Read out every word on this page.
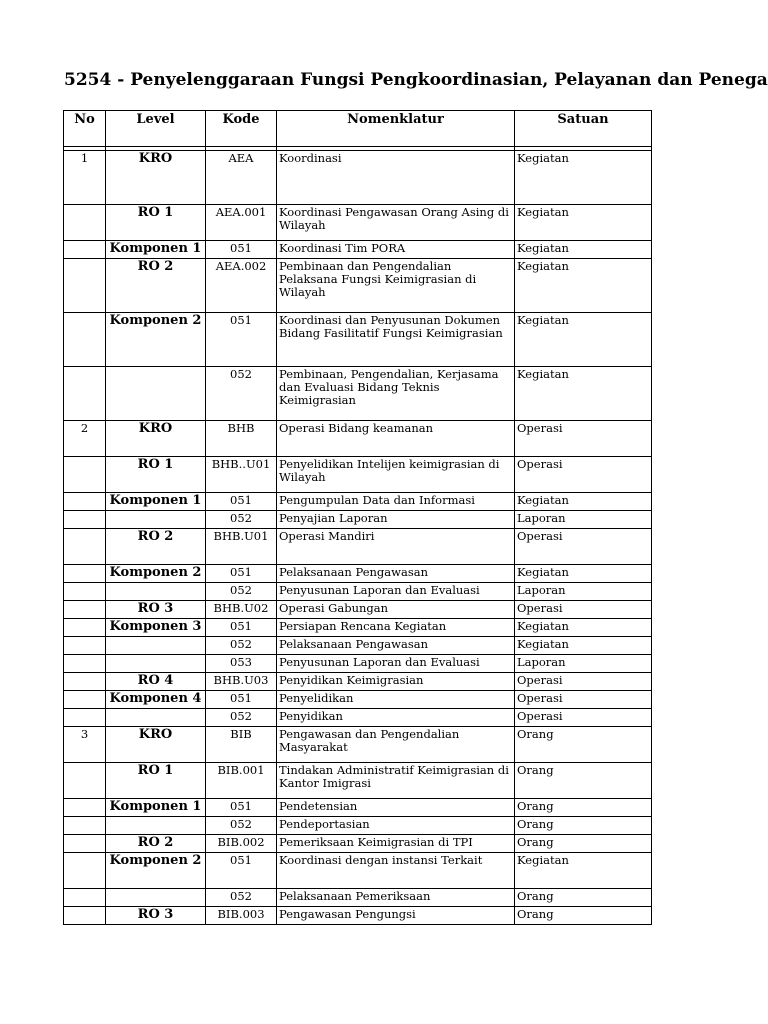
5254 - Penyelenggaraan Fungsi Pengkoordinasian, Pelayanan dan Penega
No	Level	Kode	Nomenklatur	Satuan

1	KRO	AEA	Koordinasi	Kegiatan
	RO 1	AEA.001	Koordinasi Pengawasan Orang Asing di Wilayah	Kegiatan
	Komponen 1	051	Koordinasi Tim PORA	Kegiatan
	RO 2	AEA.002	Pembinaan dan Pengendalian Pelaksana Fungsi Keimigrasian di Wilayah	Kegiatan
	Komponen 2	051	Koordinasi dan Penyusunan Dokumen Bidang Fasilitatif Fungsi Keimigrasian	Kegiatan
		052	Pembinaan, Pengendalian, Kerjasama dan Evaluasi Bidang Teknis Keimigrasian	Kegiatan
2	KRO	BHB	Operasi Bidang keamanan	Operasi
	RO 1	BHB..U01	Penyelidikan Intelijen keimigrasian di Wilayah	Operasi
	Komponen 1	051	Pengumpulan Data dan Informasi	Kegiatan
		052	Penyajian Laporan	Laporan
	RO 2	BHB.U01	Operasi Mandiri	Operasi
	Komponen 2	051	Pelaksanaan Pengawasan	Kegiatan
		052	Penyusunan Laporan dan Evaluasi	Laporan
	RO 3	BHB.U02	Operasi Gabungan	Operasi
	Komponen 3	051	Persiapan Rencana Kegiatan	Kegiatan
		052	Pelaksanaan Pengawasan	Kegiatan
		053	Penyusunan Laporan dan Evaluasi	Laporan
	RO 4	BHB.U03	Penyidikan Keimigrasian	Operasi
	Komponen 4	051	Penyelidikan	Operasi
		052	Penyidikan	Operasi
3	KRO	BIB	Pengawasan dan Pengendalian Masyarakat	Orang
	RO 1	BIB.001	Tindakan Administratif Keimigrasian di Kantor Imigrasi	Orang
	Komponen 1	051	Pendetensian	Orang
		052	Pendeportasian	Orang
	RO 2	BIB.002	Pemeriksaan Keimigrasian di TPI	Orang
	Komponen 2	051	Koordinasi dengan instansi Terkait	Kegiatan
		052	Pelaksanaan Pemeriksaan	Orang
	RO 3	BIB.003	Pengawasan Pengungsi	Orang
